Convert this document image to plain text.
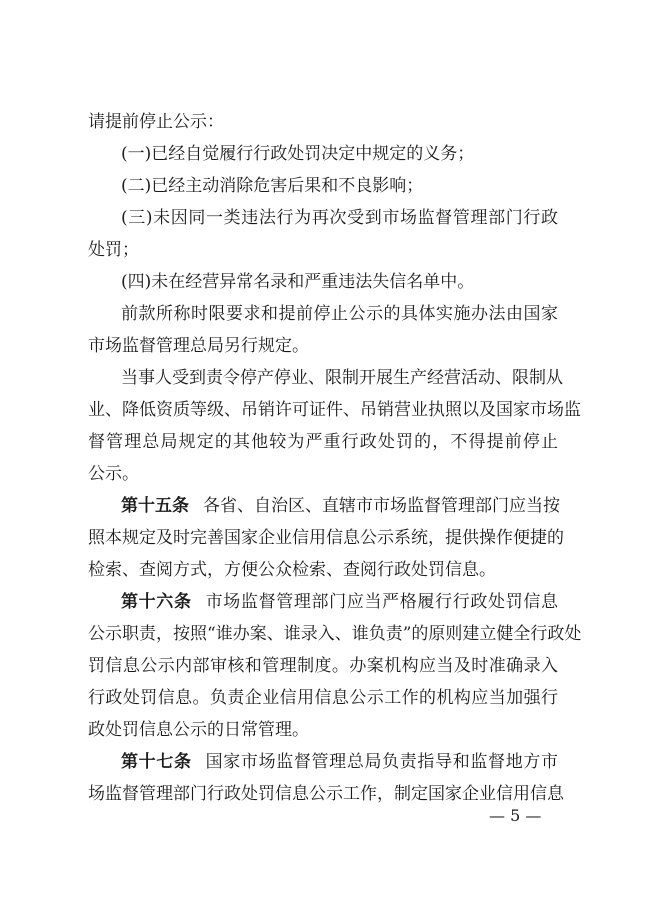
请提前停止公示：
(一)已经自觉履行行政处罚决定中规定的义务；
(二)已经主动消除危害后果和不良影响；
(三)未因同一类违法行为再次受到市场监督管理部门行政
处罚；
(四)未在经营异常名录和严重违法失信名单中。
前款所称时限要求和提前停止公示的具体实施办法由国家
市场监督管理总局另行规定。
当事人受到责令停产停业、限制开展生产经营活动、限制从
业、降低资质等级、吊销许可证件、吊销营业执照以及国家市场监
督管理总局规定的其他较为严重行政处罚的，不得提前停止
公示。
第十五条 各省、自治区、直辖市市场监督管理部门应当按
照本规定及时完善国家企业信用信息公示系统，提供操作便捷的
检索、查阅方式，方便公众检索、查阅行政处罚信息。
第十六条 市场监督管理部门应当严格履行行政处罚信息
公示职责，按照“谁办案、谁录入、谁负责”的原则建立健全行政处
罚信息公示内部审核和管理制度。办案机构应当及时准确录入
行政处罚信息。负责企业信用信息公示工作的机构应当加强行
政处罚信息公示的日常管理。
第十七条 国家市场监督管理总局负责指导和监督地方市
场监督管理部门行政处罚信息公示工作，制定国家企业信用信息
— 5 —
